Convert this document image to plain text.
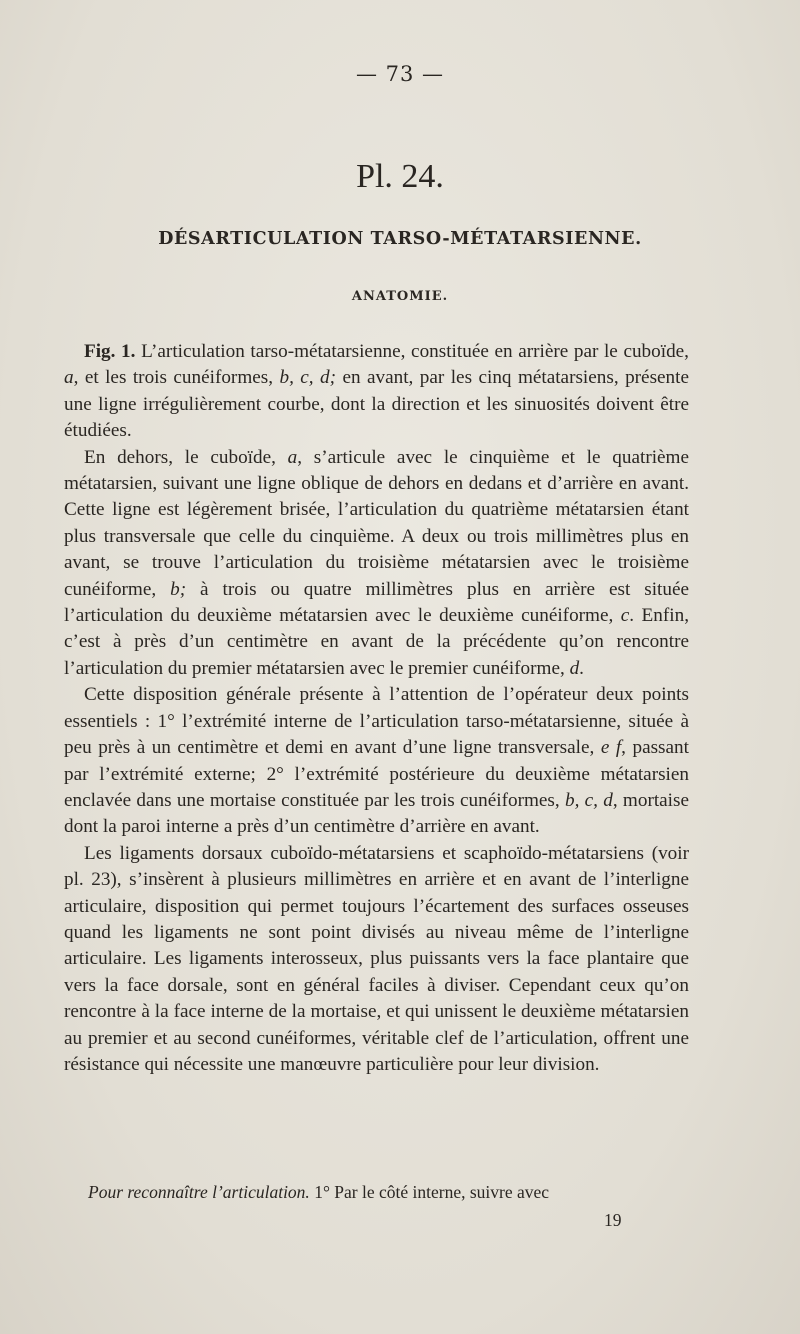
— 73 —
Pl. 24.
DÉSARTICULATION TARSO-MÉTATARSIENNE.
ANATOMIE.

Fig. 1. L’articulation tarso-métatarsienne, constituée en arrière par le cuboïde, a, et les trois cunéiformes, b, c, d; en avant, par les cinq métatarsiens, présente une ligne irrégulièrement courbe, dont la direction et les sinuosités doivent être étudiées.

En dehors, le cuboïde, a, s’articule avec le cinquième et le quatrième métatarsien, suivant une ligne oblique de dehors en dedans et d’arrière en avant. Cette ligne est légèrement brisée, l’articulation du quatrième métatarsien étant plus transversale que celle du cinquième. A deux ou trois millimètres plus en avant, se trouve l’articulation du troisième métatarsien avec le troisième cunéiforme, b; à trois ou quatre millimètres plus en arrière est située l’articulation du deuxième métatarsien avec le deuxième cunéiforme, c. Enfin, c’est à près d’un centimètre en avant de la précédente qu’on rencontre l’articulation du premier métatarsien avec le premier cunéiforme, d.

Cette disposition générale présente à l’attention de l’opérateur deux points essentiels : 1° l’extrémité interne de l’articulation tarso-métatarsienne, située à peu près à un centimètre et demi en avant d’une ligne transversale, e f, passant par l’extrémité externe; 2° l’extrémité postérieure du deuxième métatarsien enclavée dans une mortaise constituée par les trois cunéiformes, b, c, d, mortaise dont la paroi interne a près d’un centimètre d’arrière en avant.

Les ligaments dorsaux cuboïdo-métatarsiens et scaphoïdo-métatarsiens (voir pl. 23), s’insèrent à plusieurs millimètres en arrière et en avant de l’interligne articulaire, disposition qui permet toujours l’écartement des surfaces osseuses quand les ligaments ne sont point divisés au niveau même de l’interligne articulaire. Les ligaments interosseux, plus puissants vers la face plantaire que vers la face dorsale, sont en général faciles à diviser. Cependant ceux qu’on rencontre à la face interne de la mortaise, et qui unissent le deuxième métatarsien au premier et au second cunéiformes, véritable clef de l’articulation, offrent une résistance qui nécessite une manœuvre particulière pour leur division.

Pour reconnaître l’articulation. 1° Par le côté interne, suivre avec
19
